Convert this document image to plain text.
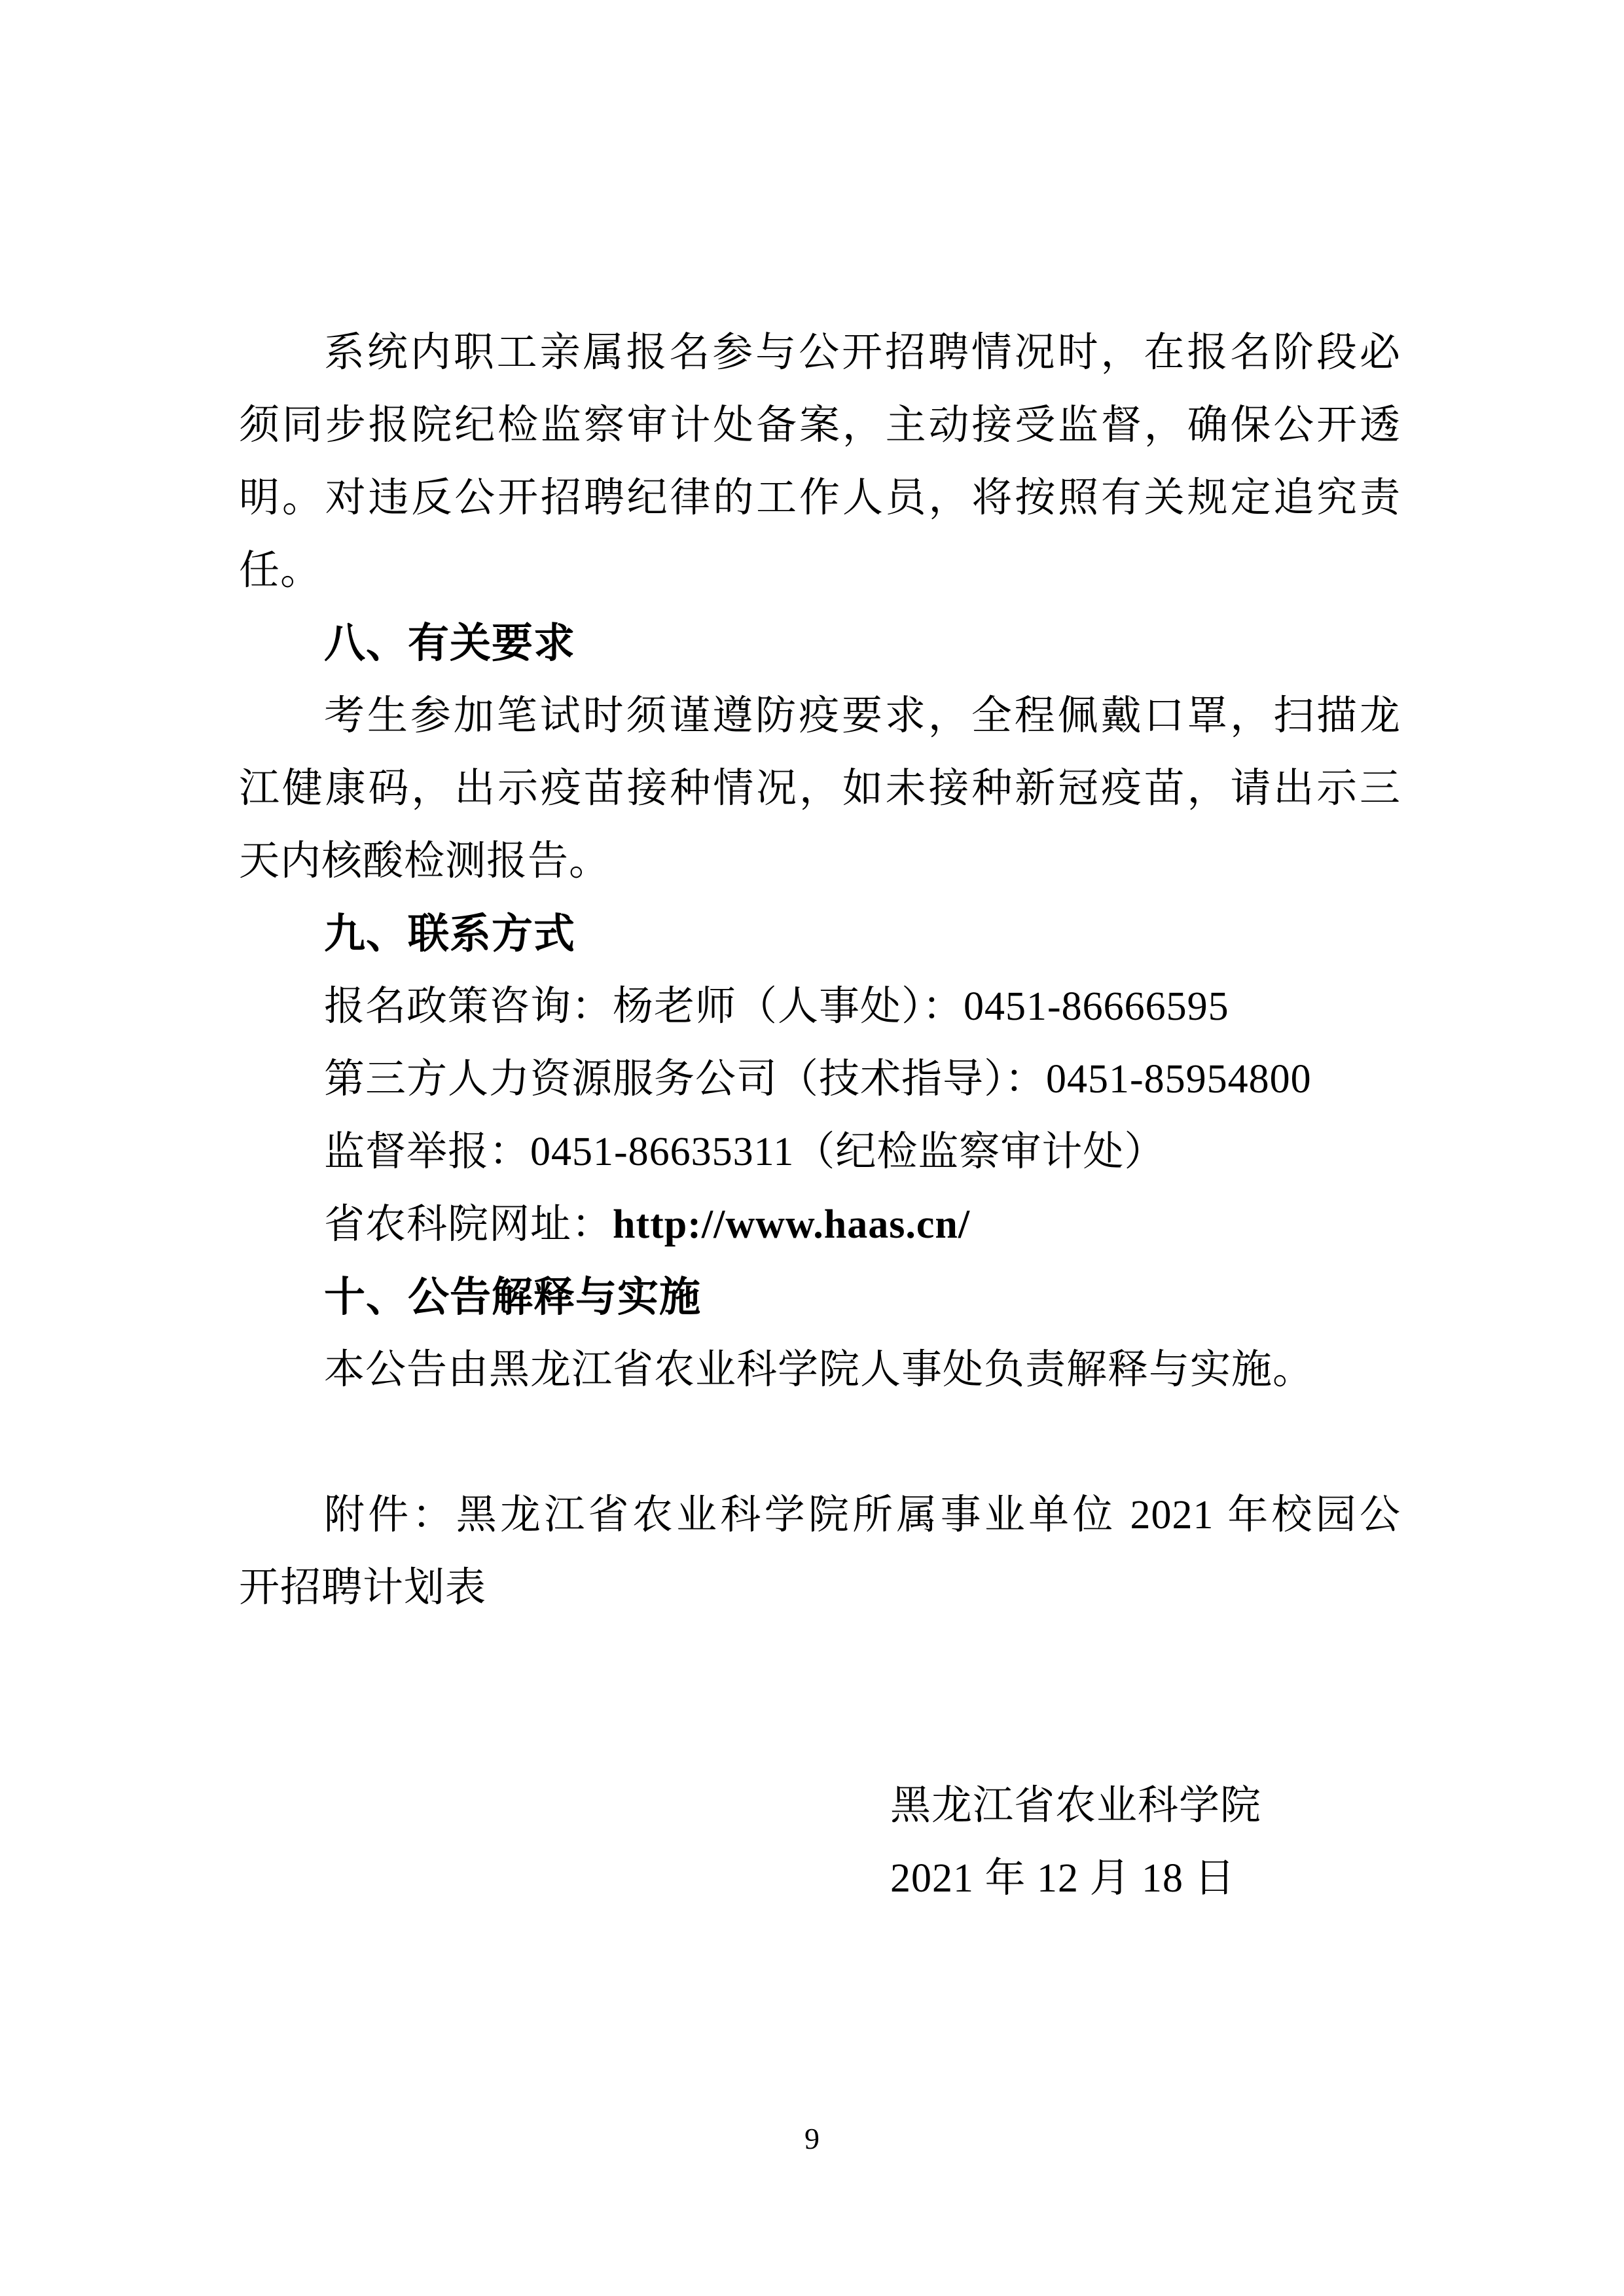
系统内职工亲属报名参与公开招聘情况时，在报名阶段必
须同步报院纪检监察审计处备案，主动接受监督，确保公开透
明。对违反公开招聘纪律的工作人员，将按照有关规定追究责
任。
八、有关要求
考生参加笔试时须谨遵防疫要求，全程佩戴口罩，扫描龙
江健康码，出示疫苗接种情况，如未接种新冠疫苗，请出示三
天内核酸检测报告。
九、联系方式
报名政策咨询：杨老师（人事处）：0451-86666595
第三方人力资源服务公司（技术指导）：0451-85954800
监督举报：0451-86635311（纪检监察审计处）
省农科院网址：http://www.haas.cn/
十、公告解释与实施
本公告由黑龙江省农业科学院人事处负责解释与实施。
附件：黑龙江省农业科学院所属事业单位 2021 年校园公
开招聘计划表
黑龙江省农业科学院
2021 年 12 月 18 日
9
